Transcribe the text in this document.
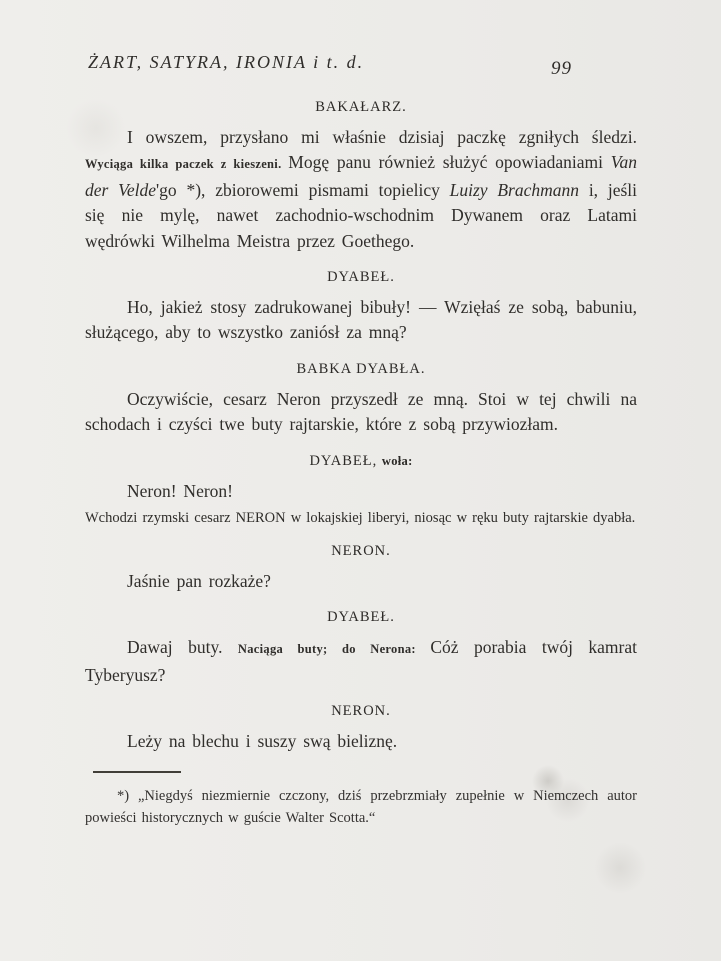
ŻART, SATYRA, IRONIA i t. d.	99
BAKAŁARZ.
I owszem, przysłano mi właśnie dzisiaj paczkę zgniłych śledzi. Wyciąga kilka paczek z kieszeni. Mogę panu również służyć opowiadaniami Van der Velde'go *), zbiorowemi pismami topielicy Luizy Brachmann i, jeśli się nie mylę, nawet zachodnio-wschodnim Dywanem oraz Latami wędrówki Wilhelma Meistra przez Goethego.
DYABEŁ.
Ho, jakież stosy zadrukowanej bibuły! — Wzięłaś ze sobą, babuniu, służącego, aby to wszystko zaniósł za mną?
BABKA DYABŁA.
Oczywiście, cesarz Neron przyszedł ze mną. Stoi w tej chwili na schodach i czyści twe buty rajtarskie, które z sobą przywiozłam.
DYABEŁ, woła:
Neron! Neron!
Wchodzi rzymski cesarz NERON w lokajskiej liberyi, niosąc w ręku buty rajtarskie dyabła.
NERON.
Jaśnie pan rozkaże?
DYABEŁ.
Dawaj buty. Naciąga buty; do Nerona: Cóż porabia twój kamrat Tyberyusz?
NERON.
Leży na blechu i suszy swą bieliznę.
*) „Niegdyś niezmiernie czczony, dziś przebrzmiały zupełnie w Niemczech autor powieści historycznych w guście Walter Scotta.“
